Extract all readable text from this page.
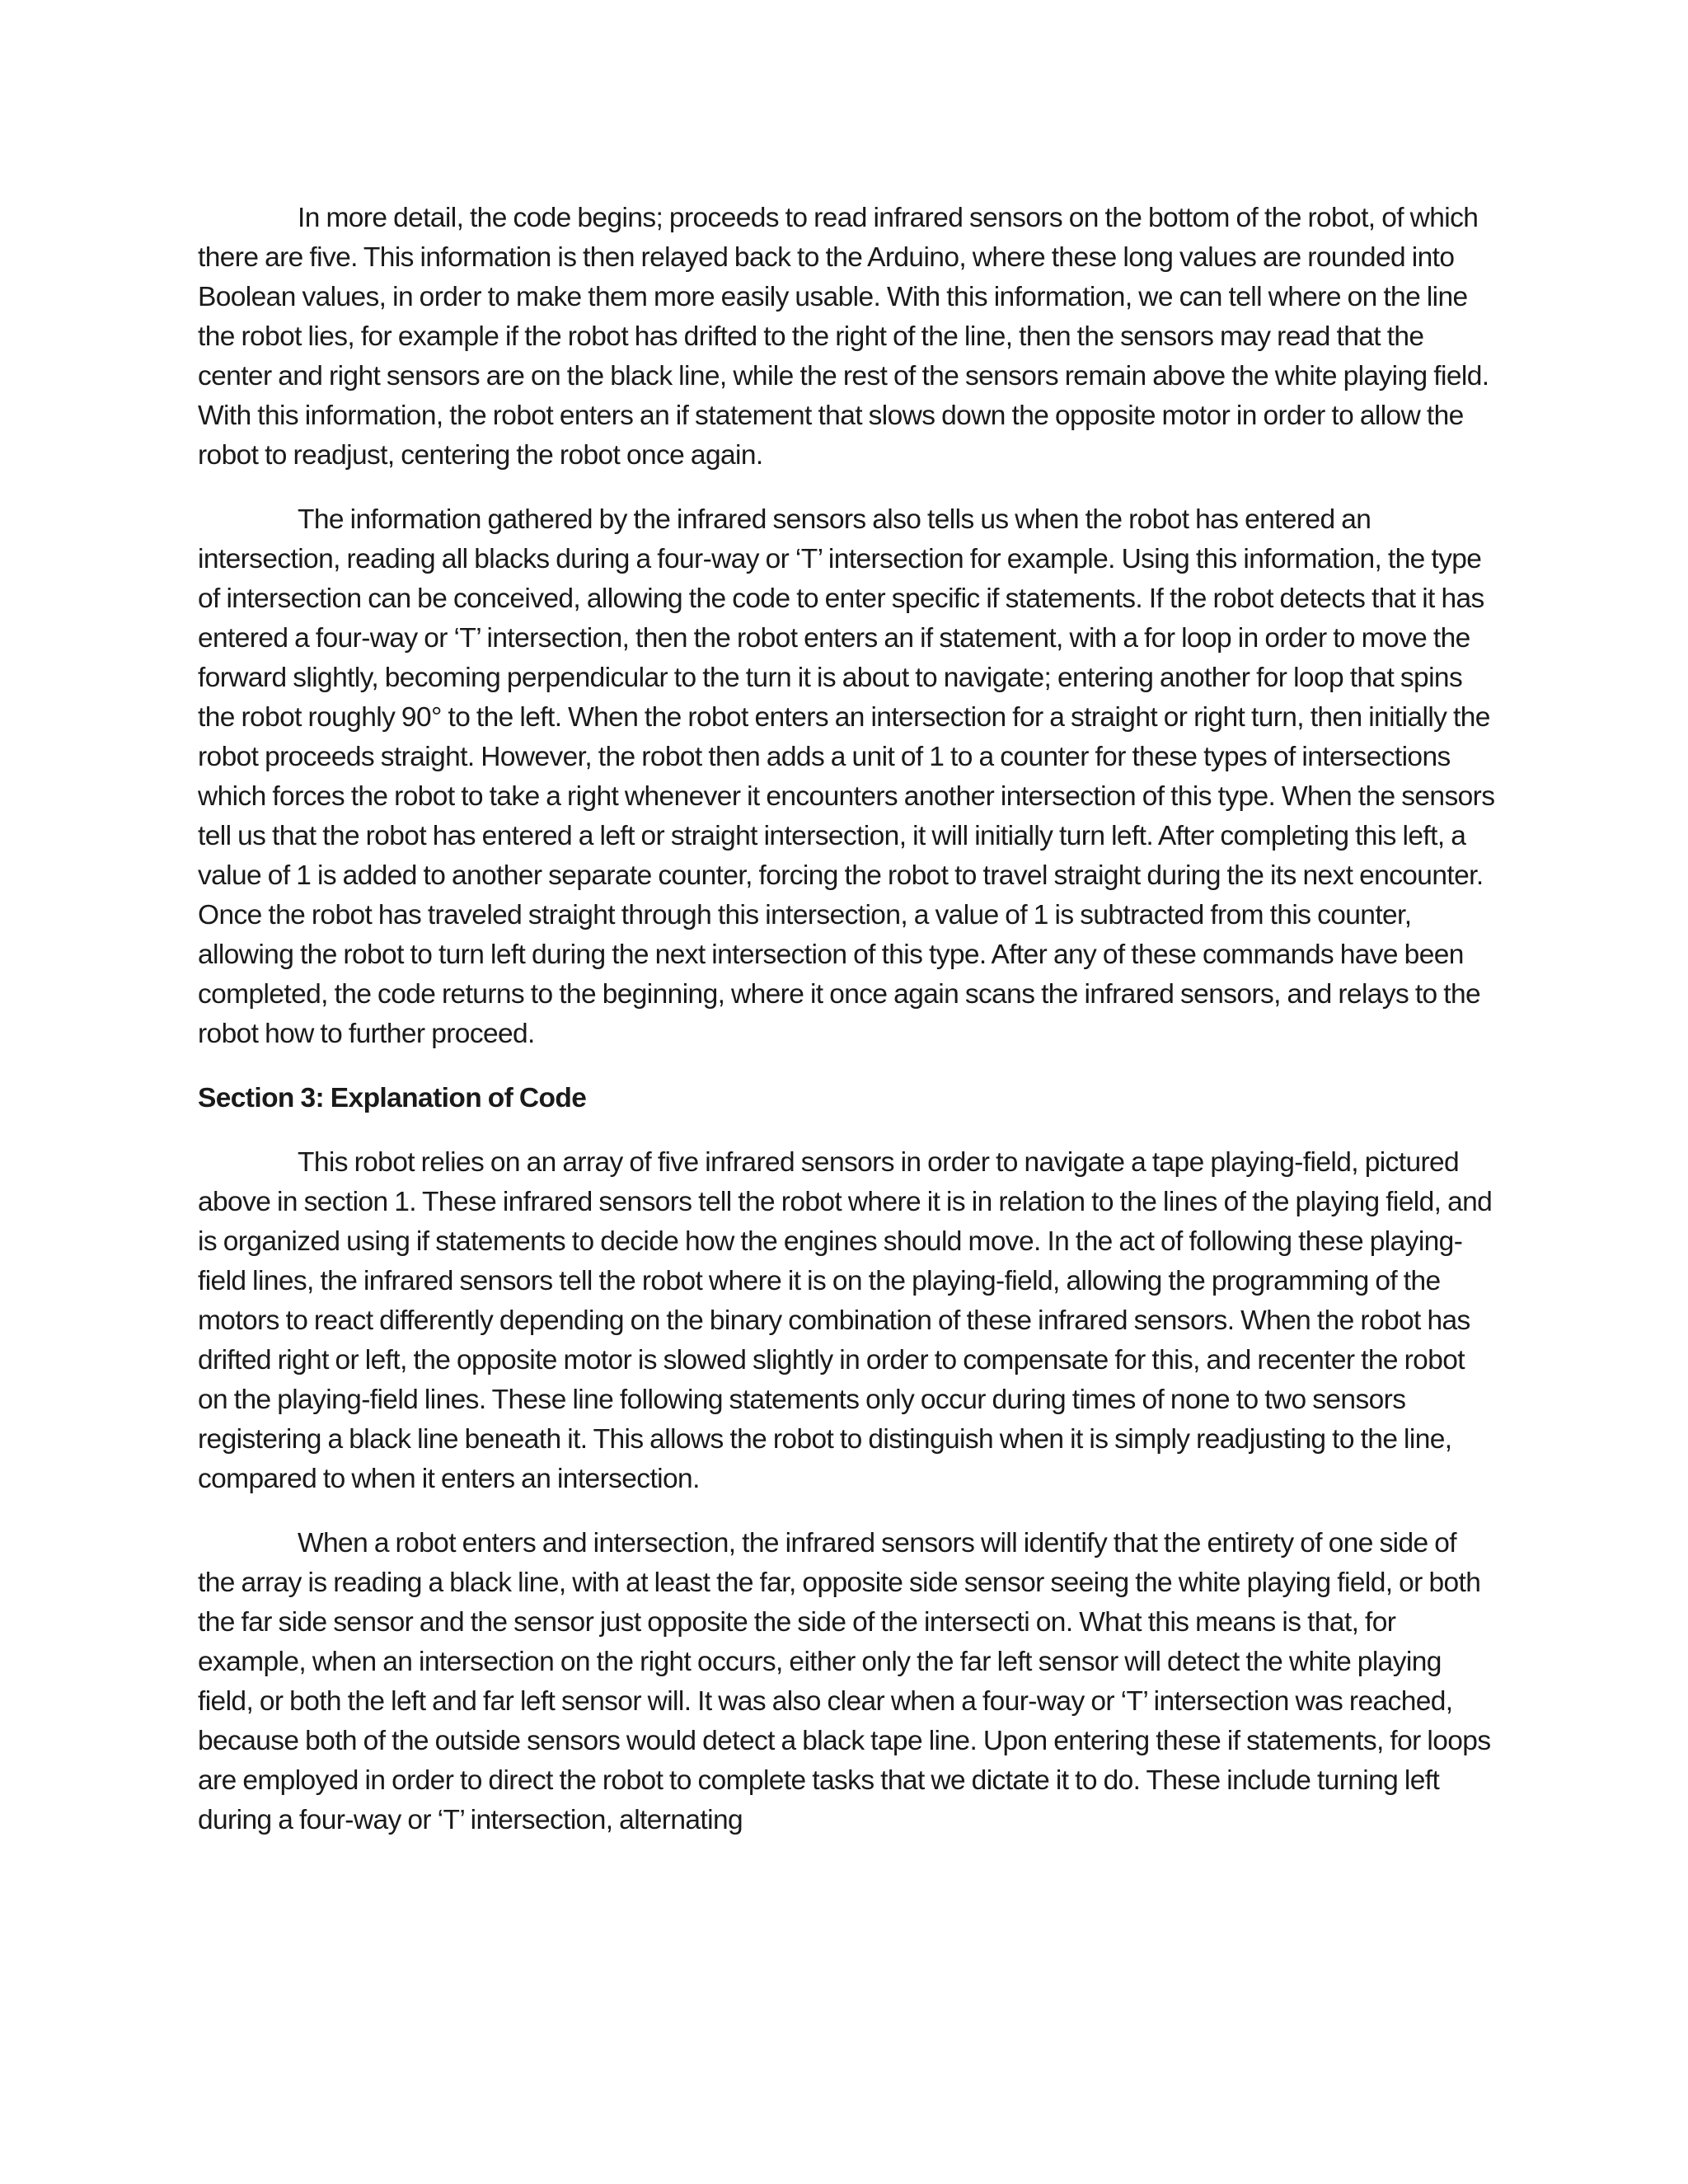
In more detail, the code begins; proceeds to read infrared sensors on the bottom of the robot, of which there are five. This information is then relayed back to the Arduino, where these long values are rounded into Boolean values, in order to make them more easily usable. With this information, we can tell where on the line the robot lies, for example if the robot has drifted to the right of the line, then the sensors may read that the center and right sensors are on the black line, while the rest of the sensors remain above the white playing field. With this information, the robot enters an if statement that slows down the opposite motor in order to allow the robot to readjust, centering the robot once again.

The information gathered by the infrared sensors also tells us when the robot has entered an intersection, reading all blacks during a four-way or ‘T’ intersection for example. Using this information, the type of intersection can be conceived, allowing the code to enter specific if statements. If the robot detects that it has entered a four-way or ‘T’ intersection, then the robot enters an if statement, with a for loop in order to move the forward slightly, becoming perpendicular to the turn it is about to navigate; entering another for loop that spins the robot roughly 90° to the left. When the robot enters an intersection for a straight or right turn, then initially the robot proceeds straight. However, the robot then adds a unit of 1 to a counter for these types of intersections which forces the robot to take a right whenever it encounters another intersection of this type. When the sensors tell us that the robot has entered a left or straight intersection, it will initially turn left. After completing this left, a value of 1 is added to another separate counter, forcing the robot to travel straight during the its next encounter. Once the robot has traveled straight through this intersection, a value of 1 is subtracted from this counter, allowing the robot to turn left during the next intersection of this type. After any of these commands have been completed, the code returns to the beginning, where it once again scans the infrared sensors, and relays to the robot how to further proceed.

Section 3: Explanation of Code

This robot relies on an array of five infrared sensors in order to navigate a tape playing-field, pictured above in section 1. These infrared sensors tell the robot where it is in relation to the lines of the playing field, and is organized using if statements to decide how the engines should move. In the act of following these playing-field lines, the infrared sensors tell the robot where it is on the playing-field, allowing the programming of the motors to react differently depending on the binary combination of these infrared sensors. When the robot has drifted right or left, the opposite motor is slowed slightly in order to compensate for this, and recenter the robot on the playing-field lines. These line following statements only occur during times of none to two sensors registering a black line beneath it. This allows the robot to distinguish when it is simply readjusting to the line, compared to when it enters an intersection.

When a robot enters and intersection, the infrared sensors will identify that the entirety of one side of the array is reading a black line, with at least the far, opposite side sensor seeing the white playing field, or both the far side sensor and the sensor just opposite the side of the intersecti on. What this means is that, for example, when an intersection on the right occurs, either only the far left sensor will detect the white playing field, or both the left and far left sensor will. It was also clear when a four-way or ‘T’ intersection was reached, because both of the outside sensors would detect a black tape line. Upon entering these if statements, for loops are employed in order to direct the robot to complete tasks that we dictate it to do. These include turning left during a four-way or ‘T’ intersection, alternating
